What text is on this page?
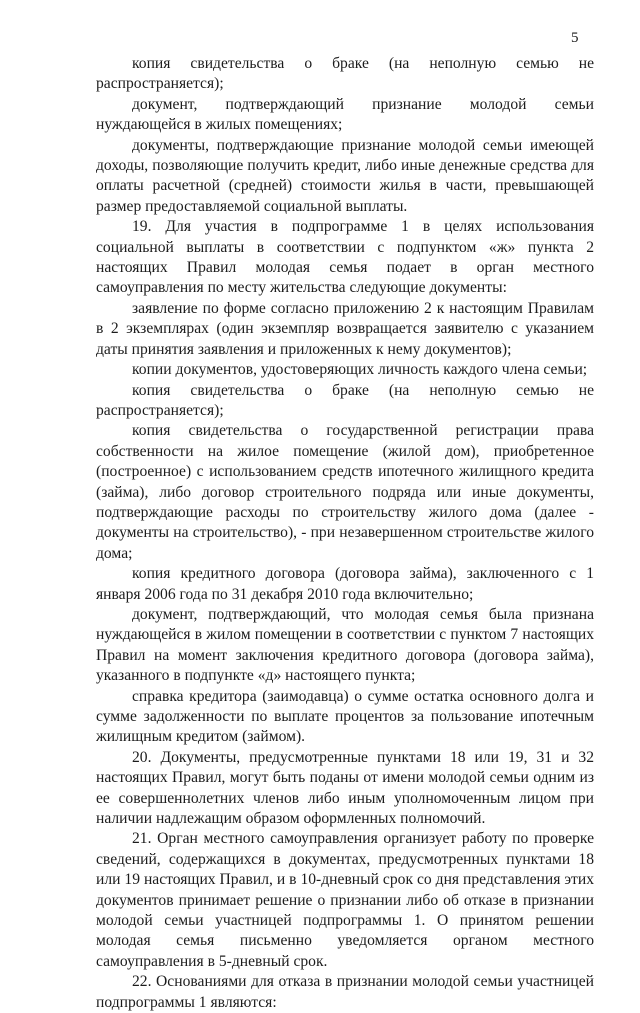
5

копия свидетельства о браке (на неполную семью не распространяется);

документ, подтверждающий признание молодой семьи нуждающейся в жилых помещениях;

документы, подтверждающие признание молодой семьи имеющей доходы, позволяющие получить кредит, либо иные денежные средства для оплаты расчетной (средней) стоимости жилья в части, превышающей размер предоставляемой социальной выплаты.

19. Для участия в подпрограмме 1 в целях использования социальной выплаты в соответствии с подпунктом «ж» пункта 2 настоящих Правил молодая семья подает в орган местного самоуправления по месту жительства следующие документы:

заявление по форме согласно приложению 2 к настоящим Правилам в 2 экземплярах (один экземпляр возвращается заявителю с указанием даты принятия заявления и приложенных к нему документов);

копии документов, удостоверяющих личность каждого члена семьи;

копия свидетельства о браке (на неполную семью не распространяется);

копия свидетельства о государственной регистрации права собственности на жилое помещение (жилой дом), приобретенное (построенное) с использованием средств ипотечного жилищного кредита (займа), либо договор строительного подряда или иные документы, подтверждающие расходы по строительству жилого дома (далее - документы на строительство), - при незавершенном строительстве жилого дома;

копия кредитного договора (договора займа), заключенного с 1 января 2006 года по 31 декабря 2010 года включительно;

документ, подтверждающий, что молодая семья была признана нуждающейся в жилом помещении в соответствии с пунктом 7 настоящих Правил на момент заключения кредитного договора (договора займа), указанного в подпункте «д» настоящего пункта;

справка кредитора (заимодавца) о сумме остатка основного долга и сумме задолженности по выплате процентов за пользование ипотечным жилищным кредитом (займом).

20. Документы, предусмотренные пунктами 18 или 19, 31 и 32 настоящих Правил, могут быть поданы от имени молодой семьи одним из ее совершеннолетних членов либо иным уполномоченным лицом при наличии надлежащим образом оформленных полномочий.

21. Орган местного самоуправления организует работу по проверке сведений, содержащихся в документах, предусмотренных пунктами 18 или 19 настоящих Правил, и в 10-дневный срок со дня представления этих документов принимает решение о признании либо об отказе в признании молодой семьи участницей подпрограммы 1. О принятом решении молодая семья письменно уведомляется органом местного самоуправления в 5-дневный срок.

22. Основаниями для отказа в признании молодой семьи участницей подпрограммы 1 являются:
